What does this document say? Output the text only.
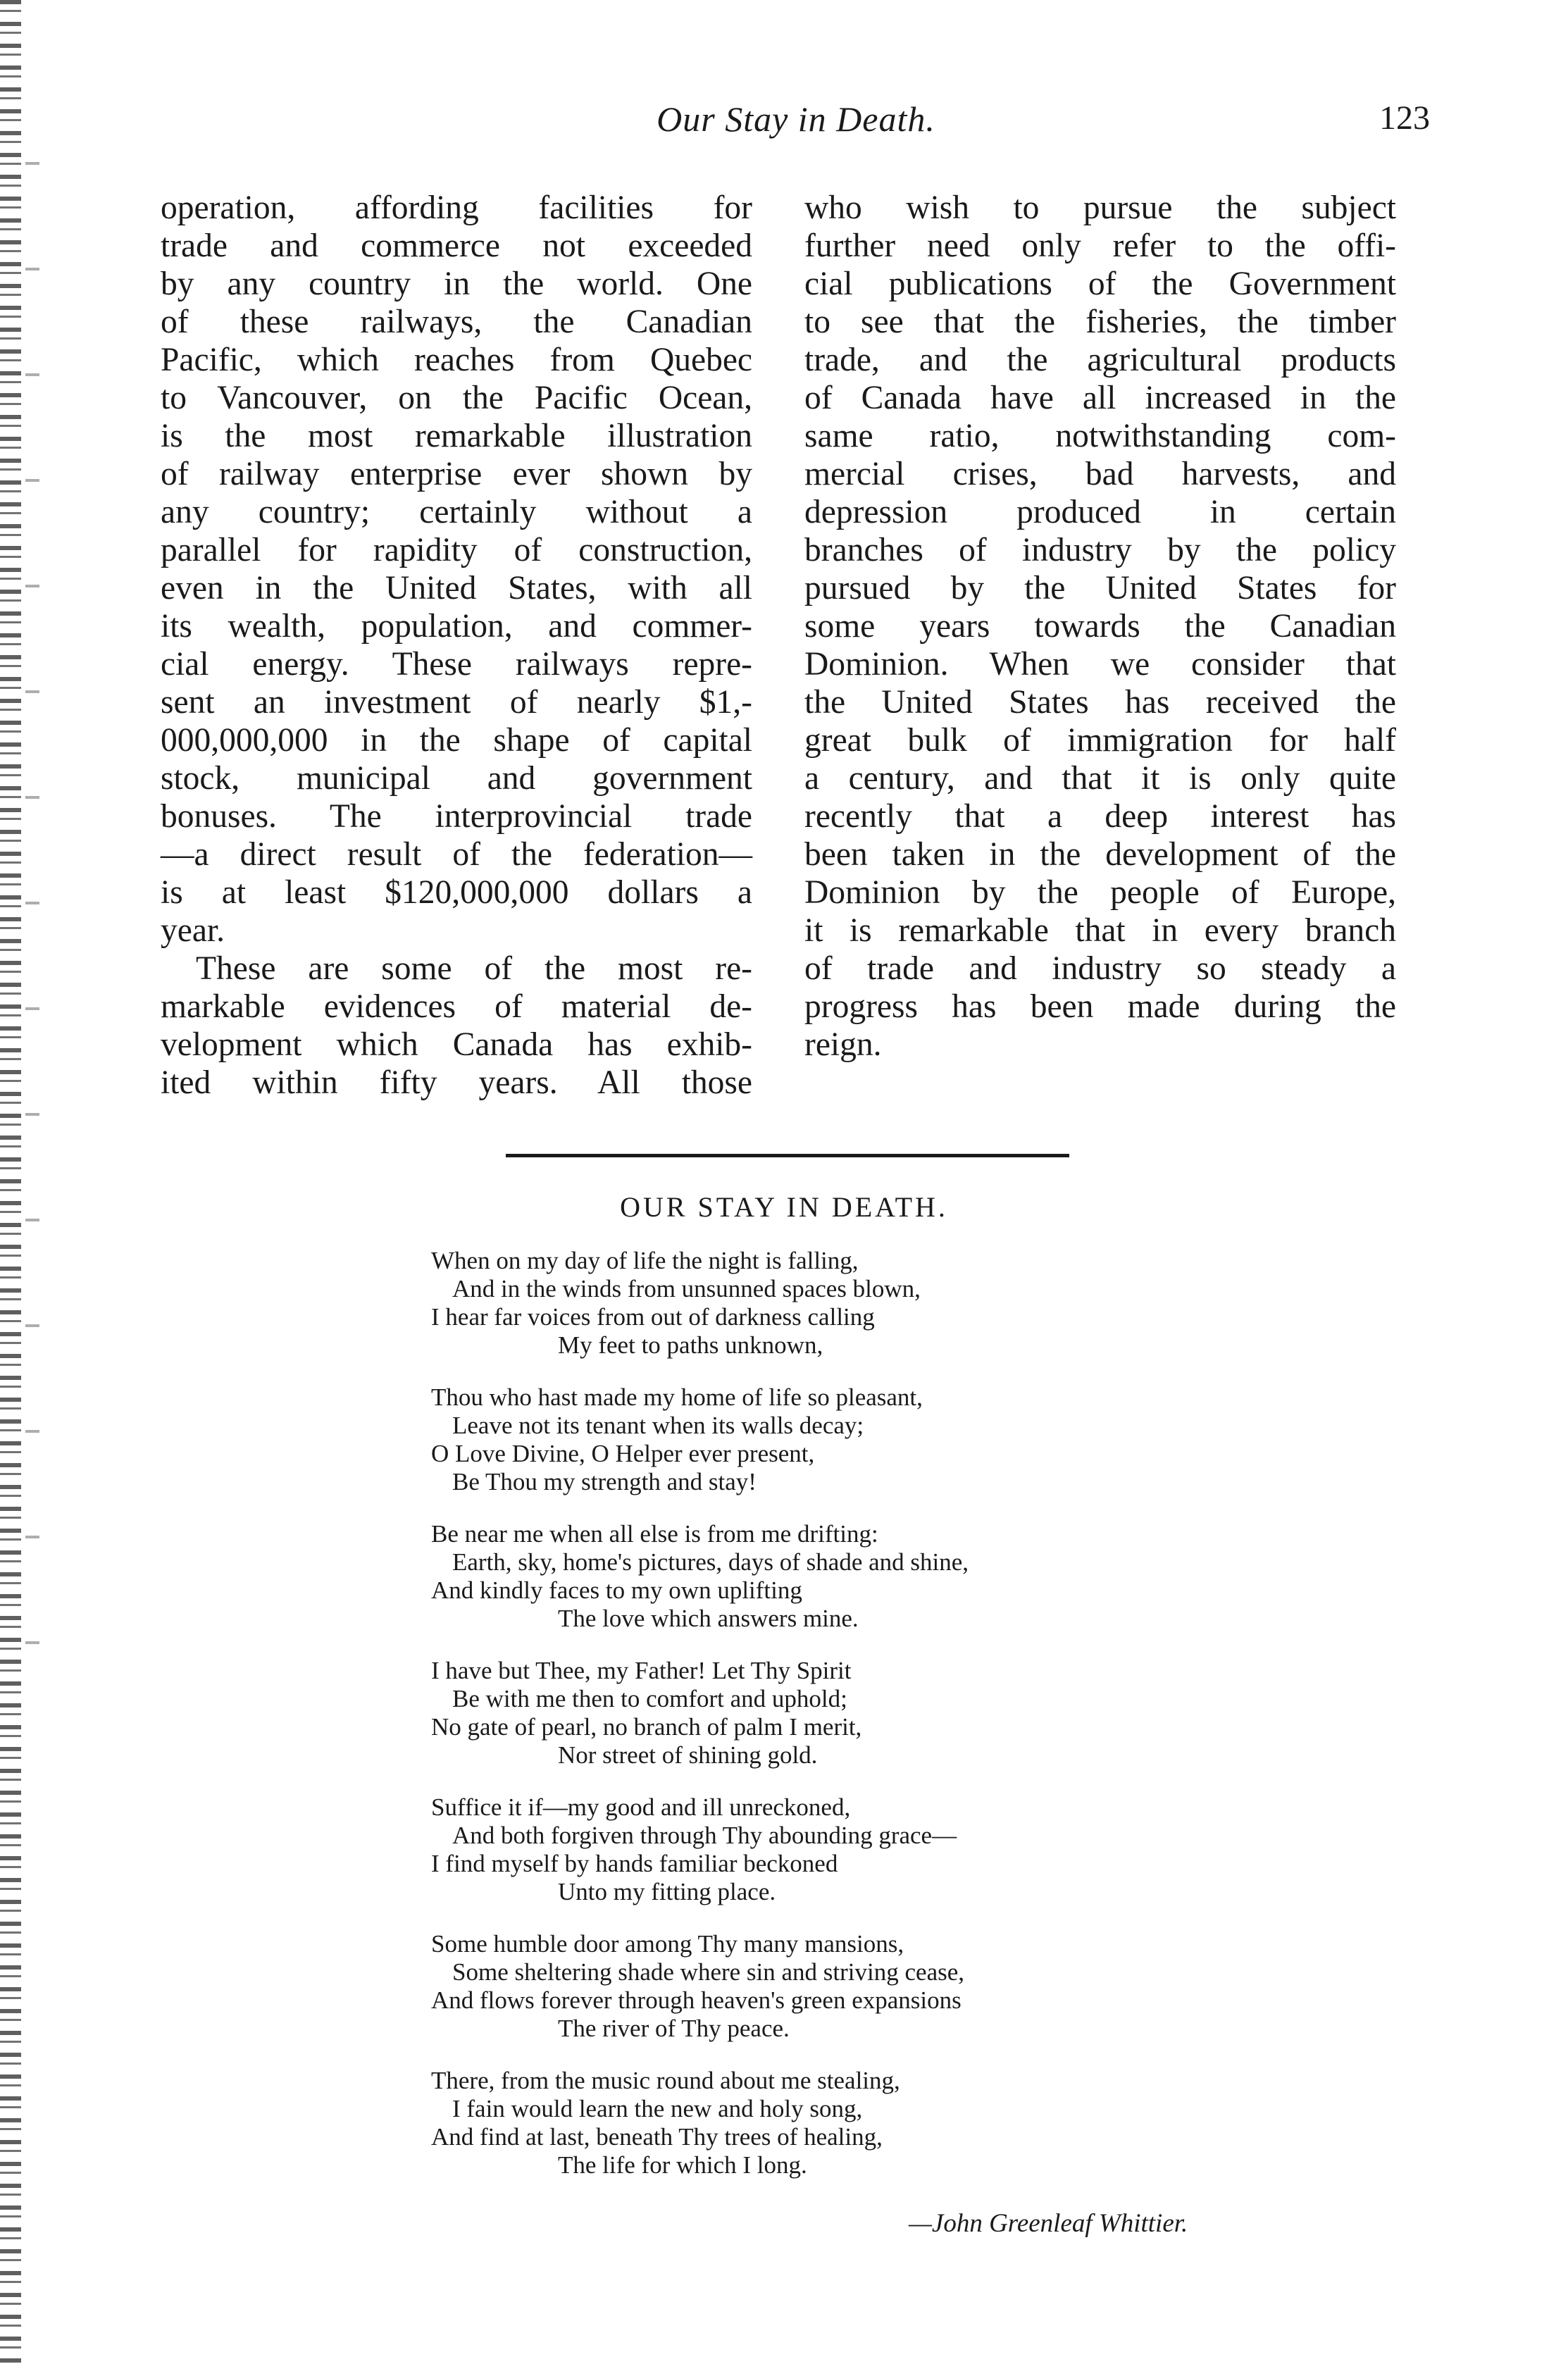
Our Stay in Death.	123
operation, affording facilities for
trade and commerce not exceeded
by any country in the world. One
of these railways, the Canadian
Pacific, which reaches from Quebec
to Vancouver, on the Pacific Ocean,
is the most remarkable illustration
of railway enterprise ever shown by
any country; certainly without a
parallel for rapidity of construction,
even in the United States, with all
its wealth, population, and commer-
cial energy. These railways repre-
sent an investment of nearly $1,-
000,000,000 in the shape of capital
stock, municipal and government
bonuses. The interprovincial trade
—a direct result of the federation—
is at least $120,000,000 dollars a
year.
These are some of the most re-
markable evidences of material de-
velopment which Canada has exhib-
ited within fifty years. All those
who wish to pursue the subject
further need only refer to the offi-
cial publications of the Government
to see that the fisheries, the timber
trade, and the agricultural products
of Canada have all increased in the
same ratio, notwithstanding com-
mercial crises, bad harvests, and
depression produced in certain
branches of industry by the policy
pursued by the United States for
some years towards the Canadian
Dominion. When we consider that
the United States has received the
great bulk of immigration for half
a century, and that it is only quite
recently that a deep interest has
been taken in the development of the
Dominion by the people of Europe,
it is remarkable that in every branch
of trade and industry so steady a
progress has been made during the
reign.
OUR STAY IN DEATH.
When on my day of life the night is falling,
And in the winds from unsunned spaces blown,
I hear far voices from out of darkness calling
My feet to paths unknown,
Thou who hast made my home of life so pleasant,
Leave not its tenant when its walls decay;
O Love Divine, O Helper ever present,
Be Thou my strength and stay!
Be near me when all else is from me drifting:
Earth, sky, home's pictures, days of shade and shine,
And kindly faces to my own uplifting
The love which answers mine.
I have but Thee, my Father! Let Thy Spirit
Be with me then to comfort and uphold;
No gate of pearl, no branch of palm I merit,
Nor street of shining gold.
Suffice it if—my good and ill unreckoned,
And both forgiven through Thy abounding grace—
I find myself by hands familiar beckoned
Unto my fitting place.
Some humble door among Thy many mansions,
Some sheltering shade where sin and striving cease,
And flows forever through heaven's green expansions
The river of Thy peace.
There, from the music round about me stealing,
I fain would learn the new and holy song,
And find at last, beneath Thy trees of healing,
The life for which I long.
—John Greenleaf Whittier.
